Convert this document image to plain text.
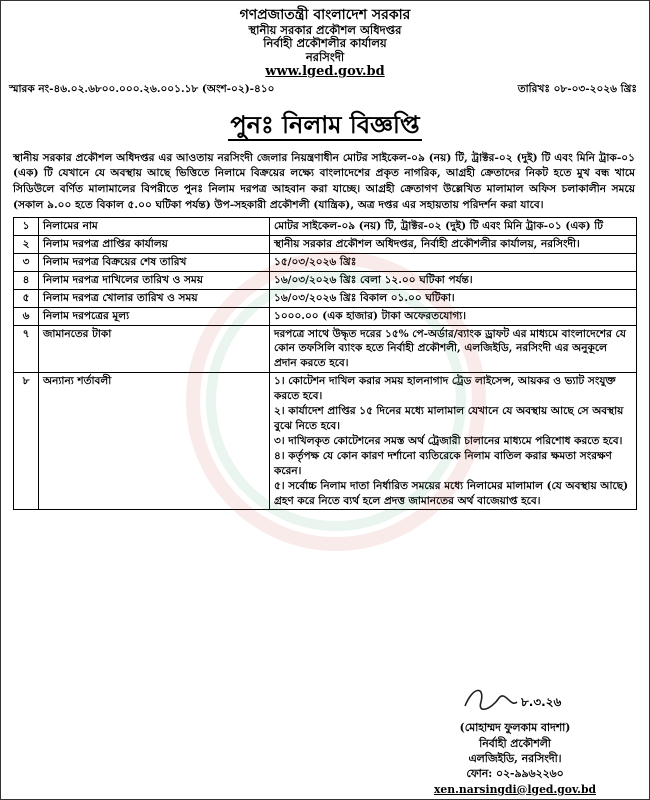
গণপ্রজাতন্ত্রী বাংলাদেশ সরকার
স্থানীয় সরকার প্রকৌশল অধিদপ্তর
নির্বাহী প্রকৌশলীর কার্যালয়
নরসিংদী
www.lged.gov.bd
স্মারক নং-৪৬.০২.৬৮০০.০০০.২৬.০০১.১৮ (অংশ-০২)-৪১০	তারিখঃ ০৮-০৩-২০২৬ খ্রিঃ
পুনঃ নিলাম বিজ্ঞপ্তি
স্থানীয় সরকার প্রকৌশল অধিদপ্তর এর আওতায় নরসিংদী জেলার নিয়ন্ত্রণাধীন মোটর সাইকেল-০৯ (নয়) টি, ট্রাক্টর-০২ (দুই) টি এবং মিনি ট্রাক-০১ (এক) টি যেখানে যে অবস্থায় আছে ভিত্তিতে নিলামে বিক্রয়ের লক্ষ্যে বাংলাদেশের প্রকৃত নাগরিক, আগ্রহী ক্রেতাদের নিকট হতে মুখ বন্ধ খামে সিডিউলে বর্ণিত মালামালের বিপরীতে পুনঃ নিলাম দরপত্র আহবান করা যাচ্ছে। আগ্রহী ক্রেতাগণ উল্লেখিত মালামাল অফিস চলাকালীন সময়ে (সকাল ৯.০০ হতে বিকাল ৫.০০ ঘটিকা পর্যন্ত) উপ-সহকারী প্রকৌশলী (যান্ত্রিক), অত্র দপ্তর এর সহায়তায় পরিদর্শন করা যাবে।
১	নিলামের নাম	মোটর সাইকেল-০৯ (নয়) টি, ট্রাক্টর-০২ (দুই) টি এবং মিনি ট্রাক-০১ (এক) টি
২	নিলাম দরপত্র প্রাপ্তির কার্যালয়	স্থানীয় সরকার প্রকৌশল অধিদপ্তর, নির্বাহী প্রকৌশলীর কার্যালয়, নরসিংদী।
৩	নিলাম দরপত্র বিক্রয়ের শেষ তারিখ	১৫/০৩/২০২৬ খ্রিঃ
৪	নিলাম দরপত্র দাখিলের তারিখ ও সময়	১৬/০৩/২০২৬ খ্রিঃ বেলা ১২.০০ ঘটিকা পর্যন্ত।
৫	নিলাম দরপত্র খোলার তারিখ ও সময়	১৬/০৩/২০২৬ খ্রিঃ বিকাল ০১.০০ ঘটিকা।
৬	নিলাম দরপত্রের মূল্য	১০০০.০০ (এক হাজার) টাকা অফেরতযোগ্য।
৭	জামানতের টাকা	দরপত্রে সাথে উদ্ধৃত দরের ১৫% পে-অর্ডার/ব্যাংক ড্রাফট এর মাধ্যমে বাংলাদেশের যে কোন তফসিলি ব্যাংক হতে নির্বাহী প্রকৌশলী, এলজিইডি, নরসিংদী এর অনুকূলে প্রদান করতে হবে।
৮	অন্যান্য শর্তাবলী	১। কোটেশন দাখিল করার সময় হালনাগাদ ট্রেড লাইসেন্স, আয়কর ও ভ্যাট সংযুক্ত করতে হবে।

২। কার্যাদেশ প্রাপ্তির ১৫ দিনের মধ্যে মালামাল যেখানে যে অবস্থায় আছে সে অবস্থায় বুঝে নিতে হবে।

৩। দাখিলকৃত কোটেশনের সমস্ত অর্থ ট্রেজারী চালানের মাধ্যমে পরিশোধ করতে হবে।

৪। কর্তৃপক্ষ যে কোন কারণ দর্শানো ব্যতিরেকে নিলাম বাতিল করার ক্ষমতা সংরক্ষণ করেন।

৫। সর্বোচ্চ নিলাম দাতা নির্ধারিত সময়ের মধ্যে নিলামের মালামাল (যে অবস্থায় আছে) গ্রহণ করে নিতে ব্যর্থ হলে প্রদত্ত জামানতের অর্থ বাজেয়াপ্ত হবে।

৮.৩.২৬
(মোহাম্মদ ফুলকাম বাদশা)
নির্বাহী প্রকৌশলী
এলজিইডি, নরসিংদী।
ফোন: ০২-৯৯৬২২৬০
xen.narsingdi@lged.gov.bd
